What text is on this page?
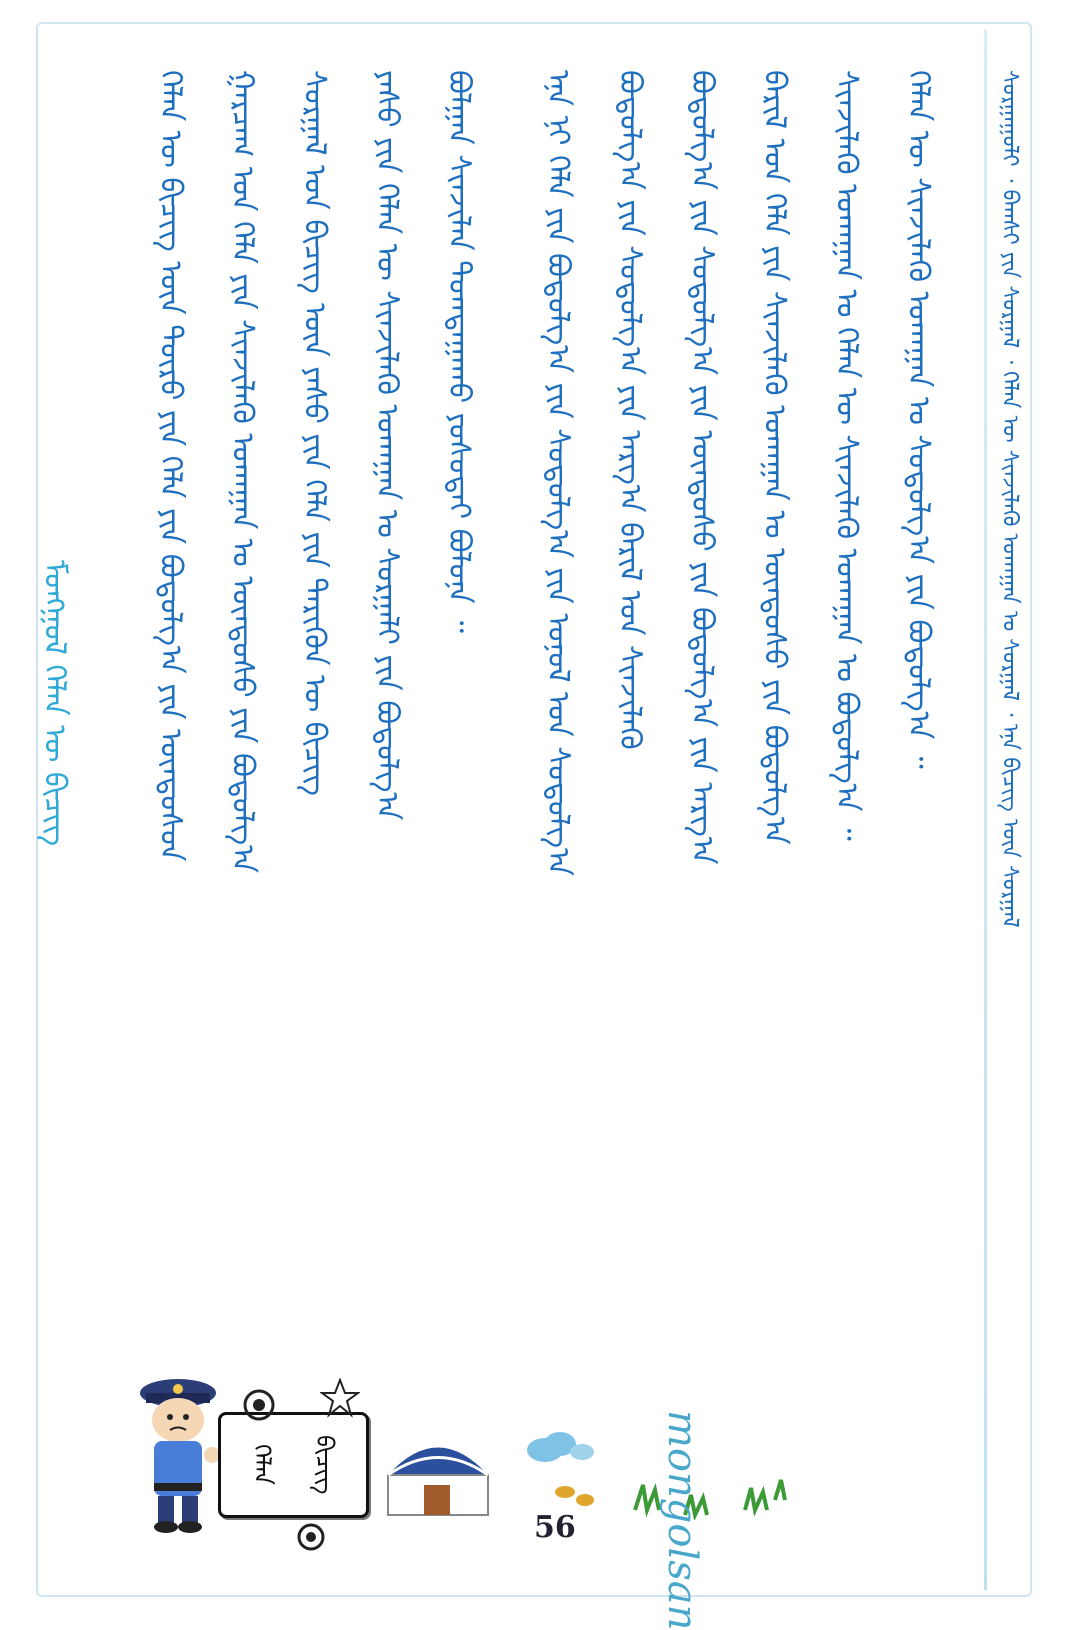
ᠮᠣᠩᠭᠣᠯ ᠬᠡᠯᠡᠨ ᠦ ᠪᠢᠴᠢᠭ	ᠬᠡᠯᠡᠨ ᠦ ᠪᠢᠴᠢᠭ ᠦᠨ ᠲᠦᠷᠦ ᠶᠢᠨ ᠬᠡᠯᠡ ᠶᠢᠨ ᠪᠣᠳᠣᠯᠭ᠎ᠠ ᠶᠢᠨ ᠦᠨᠳᠦᠰᠦᠨ	ᠭᠠᠷᠴᠠᠭ ᠤᠨ ᠬᠡᠯᠡ ᠶᠢᠨ ᠰᠢᠨᠵᠢᠯᠡᠬᠦ ᠤᠬᠠᠭᠠᠨ ᠤ ᠦᠨᠳᠦᠰᠦ ᠶᠢᠨ ᠪᠣᠳᠣᠯᠭ᠎ᠠ	ᠰᠤᠷᠭᠠᠯ ᠤᠨ ᠪᠢᠴᠢᠭ ᠦᠨ ᠶᠠᠰᠤ ᠶᠢᠨ ᠬᠡᠯᠡ ᠶᠢᠨ ᠲᠡᠷᠢᠭᠦᠨ ᠦ ᠪᠢᠴᠢᠭ	ᠶᠠᠰᠤ ᠶᠢᠨ ᠬᠡᠯᠡᠨ ᠦ ᠰᠢᠨᠵᠢᠯᠡᠬᠦ ᠤᠬᠠᠭᠠᠨ ᠤ ᠰᠤᠷᠭᠠᠯᠢ ᠶᠢᠨ ᠪᠣᠳᠣᠯᠭ᠎ᠠ	ᠪᠣᠯᠭᠠᠨ ᠰᠢᠨᠵᠢᠯᠡᠨ ᠲᠣᠭᠲᠠᠭᠠᠬᠤ ᠶᠣᠰᠣᠲᠠᠢ ᠪᠣᠯᠤᠨᠠ ᠃	ᠡᠨᠡ ᠨᠢ ᠬᠡᠯᠡ ᠶᠢᠨ ᠪᠣᠳᠣᠯᠭ᠎ᠠ ᠶᠢᠨ ᠰᠤᠳᠤᠯᠭ᠎ᠠ ᠶᠢᠨ ᠣᠨᠣᠯ ᠤᠨ ᠰᠤᠳᠤᠯᠭ᠎ᠠ	ᠪᠣᠳᠣᠯᠭ᠎ᠠ ᠶᠢᠨ ᠰᠤᠳᠤᠯᠭ᠎ᠠ ᠶᠢᠨ ᠠᠷᠭ᠎ᠠ ᠪᠠᠷᠢᠯ ᠤᠨ ᠰᠢᠨᠵᠢᠯᠡᠬᠦ	ᠪᠣᠳᠣᠯᠭ᠎ᠠ ᠶᠢᠨ ᠰᠤᠳᠤᠯᠭ᠎ᠠ ᠶᠢᠨ ᠦᠨᠳᠦᠰᠦ ᠶᠢᠨ ᠪᠣᠳᠣᠯᠭ᠎ᠠ ᠶᠢᠨ ᠠᠷᠭ᠎ᠠ	ᠪᠠᠷᠢᠯ ᠤᠨ ᠬᠡᠯᠡ ᠶᠢᠨ ᠰᠢᠨᠵᠢᠯᠡᠬᠦ ᠤᠬᠠᠭᠠᠨ ᠤ ᠦᠨᠳᠦᠰᠦ ᠶᠢᠨ ᠪᠣᠳᠣᠯᠭ᠎ᠠ	ᠰᠢᠨᠵᠢᠯᠡᠬᠦ ᠤᠬᠠᠭᠠᠨ ᠤ ᠬᠡᠯᠡᠨ ᠦ ᠰᠢᠨᠵᠢᠯᠡᠬᠦ ᠤᠬᠠᠭᠠᠨ ᠤ ᠪᠣᠳᠣᠯᠭ᠎ᠠ ᠃	ᠬᠡᠯᠡᠨ ᠦ ᠰᠢᠨᠵᠢᠯᠡᠬᠦ ᠤᠬᠠᠭᠠᠨ ᠤ ᠰᠤᠳᠤᠯᠭ᠎ᠠ ᠶᠢᠨ ᠪᠣᠳᠣᠯᠭ᠎ᠠ ᠃	ᠰᠤᠷᠭᠠᠭᠤᠯᠢ ᠂ ᠪᠠᠭᠰᠢ ᠶᠢᠨ ᠰᠤᠷᠭᠠᠯ ᠂ ᠬᠡᠯᠡᠨ ᠦ ᠰᠢᠨᠵᠢᠯᠡᠬᠦ ᠤᠬᠠᠭᠠᠨ ᠤ ᠰᠤᠷᠭᠠᠯ ᠂ ᠡᠨᠡ ᠪᠢᠴᠢᠭ ᠦᠨ ᠰᠤᠷᠭᠠᠯ
ᠬᠡᠯᠡᠨ ᠪᠢᠴᠢᠭ
56 mongolsan
